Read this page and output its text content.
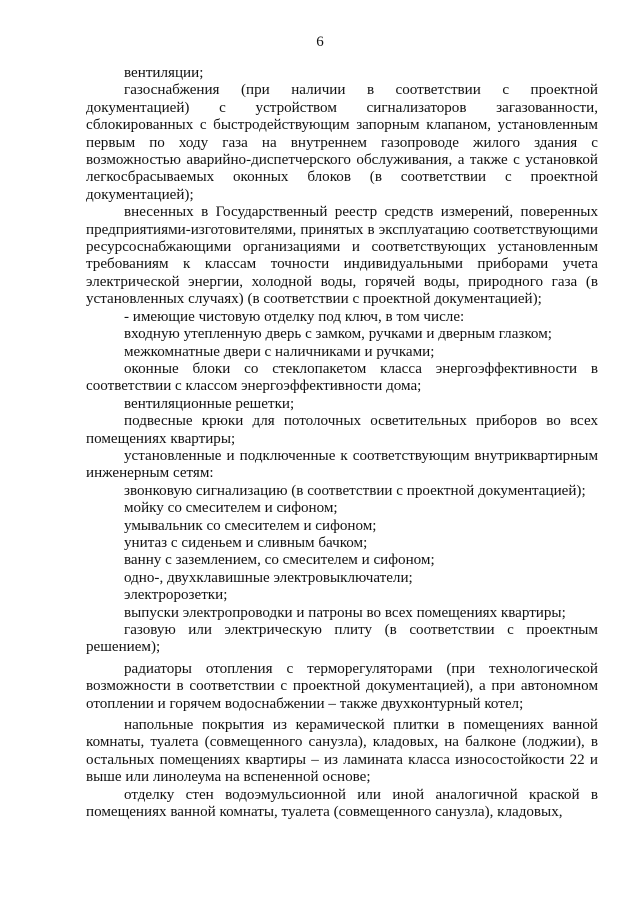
6

вентиляции;

газоснабжения (при наличии в соответствии с проектной документацией) с устройством сигнализаторов загазованности, сблокированных с быстродействующим запорным клапаном, установленным первым по ходу газа на внутреннем газопроводе жилого здания с возможностью аварийно-диспетчерского обслуживания, а также с установкой легкосбрасываемых оконных блоков (в соответствии с проектной документацией);

внесенных в Государственный реестр средств измерений, поверенных предприятиями-изготовителями, принятых в эксплуатацию соответствующими ресурсоснабжающими организациями и соответствующих установленным требованиям к классам точности индивидуальными приборами учета электрической энергии, холодной воды, горячей воды, природного газа (в установленных случаях) (в соответствии с проектной документацией);

- имеющие чистовую отделку под ключ, в том числе:

входную утепленную дверь с замком, ручками и дверным глазком;

межкомнатные двери с наличниками и ручками;

оконные блоки со стеклопакетом класса энергоэффективности в соответствии с классом энергоэффективности дома;

вентиляционные решетки;

подвесные крюки для потолочных осветительных приборов во всех помещениях квартиры;

установленные и подключенные к соответствующим внутриквартирным инженерным сетям:

звонковую сигнализацию (в соответствии с проектной документацией);

мойку со смесителем и сифоном;

умывальник со смесителем и сифоном;

унитаз с сиденьем и сливным бачком;

ванну с заземлением, со смесителем и сифоном;

одно-, двухклавишные электровыключатели;

электророзетки;

выпуски электропроводки и патроны во всех помещениях квартиры;

газовую или электрическую плиту (в соответствии с проектным решением);

радиаторы отопления с терморегуляторами (при технологической возможности в соответствии с проектной документацией), а при автономном отоплении и горячем водоснабжении – также двухконтурный котел;

напольные покрытия из керамической плитки в помещениях ванной комнаты, туалета (совмещенного санузла), кладовых, на балконе (лоджии), в остальных помещениях квартиры – из ламината класса износостойкости 22 и выше или линолеума на вспененной основе;

отделку стен водоэмульсионной или иной аналогичной краской в помещениях ванной комнаты, туалета (совмещенного санузла), кладовых,
